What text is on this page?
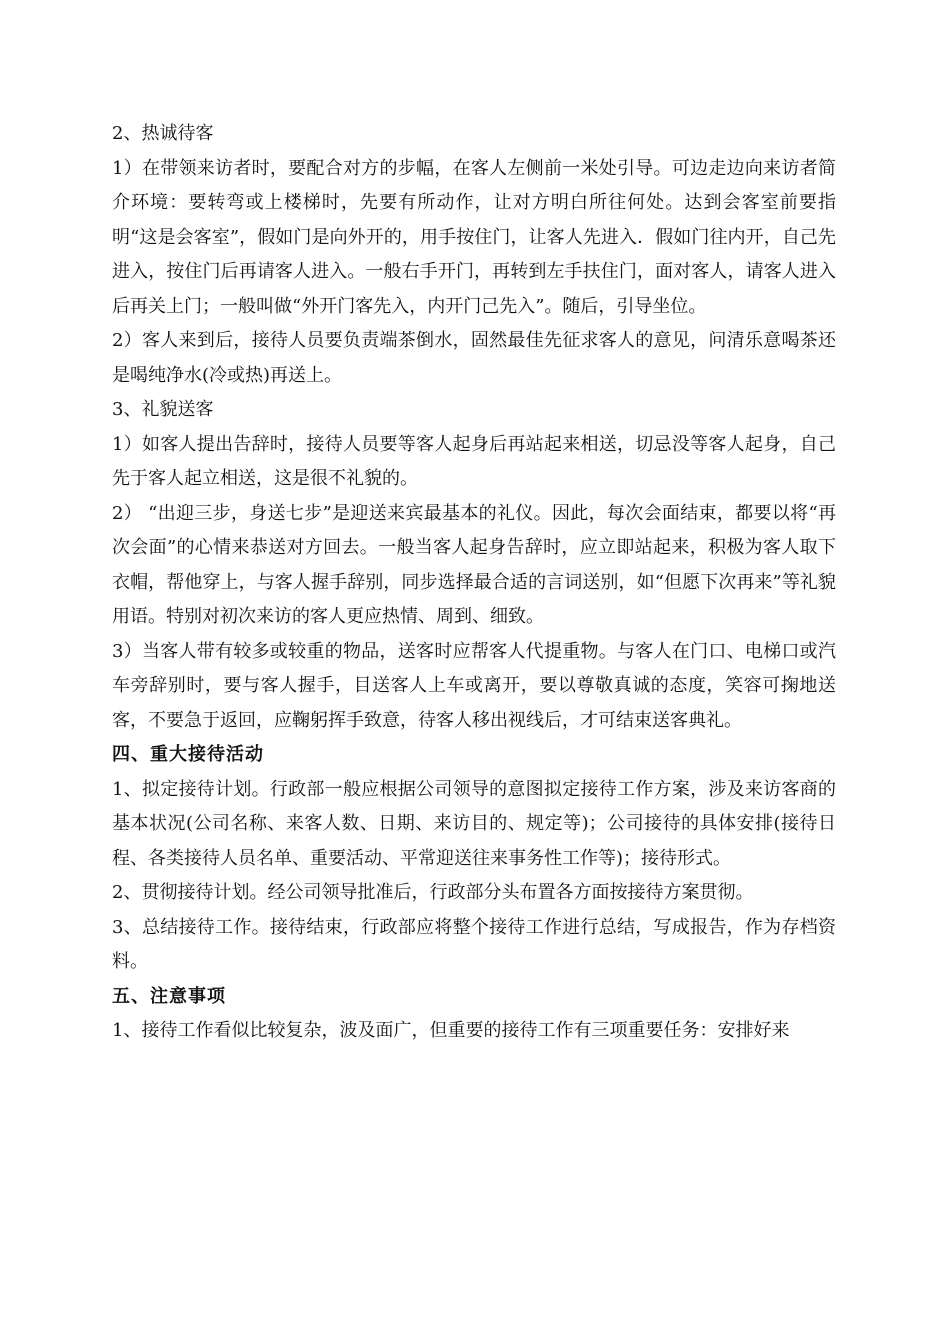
2、热诚待客

1）在带领来访者时，要配合对方的步幅，在客人左侧前一米处引导。可边走边向来访者简介环境：要转弯或上楼梯时，先要有所动作，让对方明白所往何处。达到会客室前要指明“这是会客室”，假如门是向外开的，用手按住门，让客人先进入．假如门往内开，自己先进入，按住门后再请客人进入。一般右手开门，再转到左手扶住门，面对客人，请客人进入后再关上门；一般叫做“外开门客先入，内开门己先入”。随后，引导坐位。

2）客人来到后，接待人员要负责端茶倒水，固然最佳先征求客人的意见，问清乐意喝茶还是喝纯净水(冷或热)再送上。

3、礼貌送客

1）如客人提出告辞时，接待人员要等客人起身后再站起来相送，切忌没等客人起身，自己先于客人起立相送，这是很不礼貌的。

2） “出迎三步，身送七步”是迎送来宾最基本的礼仪。因此，每次会面结束，都要以将“再次会面”的心情来恭送对方回去。一般当客人起身告辞时，应立即站起来，积极为客人取下衣帽，帮他穿上，与客人握手辞别，同步选择最合适的言词送别，如“但愿下次再来”等礼貌用语。特别对初次来访的客人更应热情、周到、细致。

3）当客人带有较多或较重的物品，送客时应帮客人代提重物。与客人在门口、电梯口或汽车旁辞别时，要与客人握手，目送客人上车或离开，要以尊敬真诚的态度，笑容可掬地送客，不要急于返回，应鞠躬挥手致意，待客人移出视线后，才可结束送客典礼。

四、重大接待活动

1、拟定接待计划。行政部一般应根据公司领导的意图拟定接待工作方案，涉及来访客商的基本状况(公司名称、来客人数、日期、来访目的、规定等)；公司接待的具体安排(接待日程、各类接待人员名单、重要活动、平常迎送往来事务性工作等)；接待形式。

2、贯彻接待计划。经公司领导批准后，行政部分头布置各方面按接待方案贯彻。

3、总结接待工作。接待结束，行政部应将整个接待工作进行总结，写成报告，作为存档资料。

五、注意事项

1、接待工作看似比较复杂，波及面广，但重要的接待工作有三项重要任务：安排好来
